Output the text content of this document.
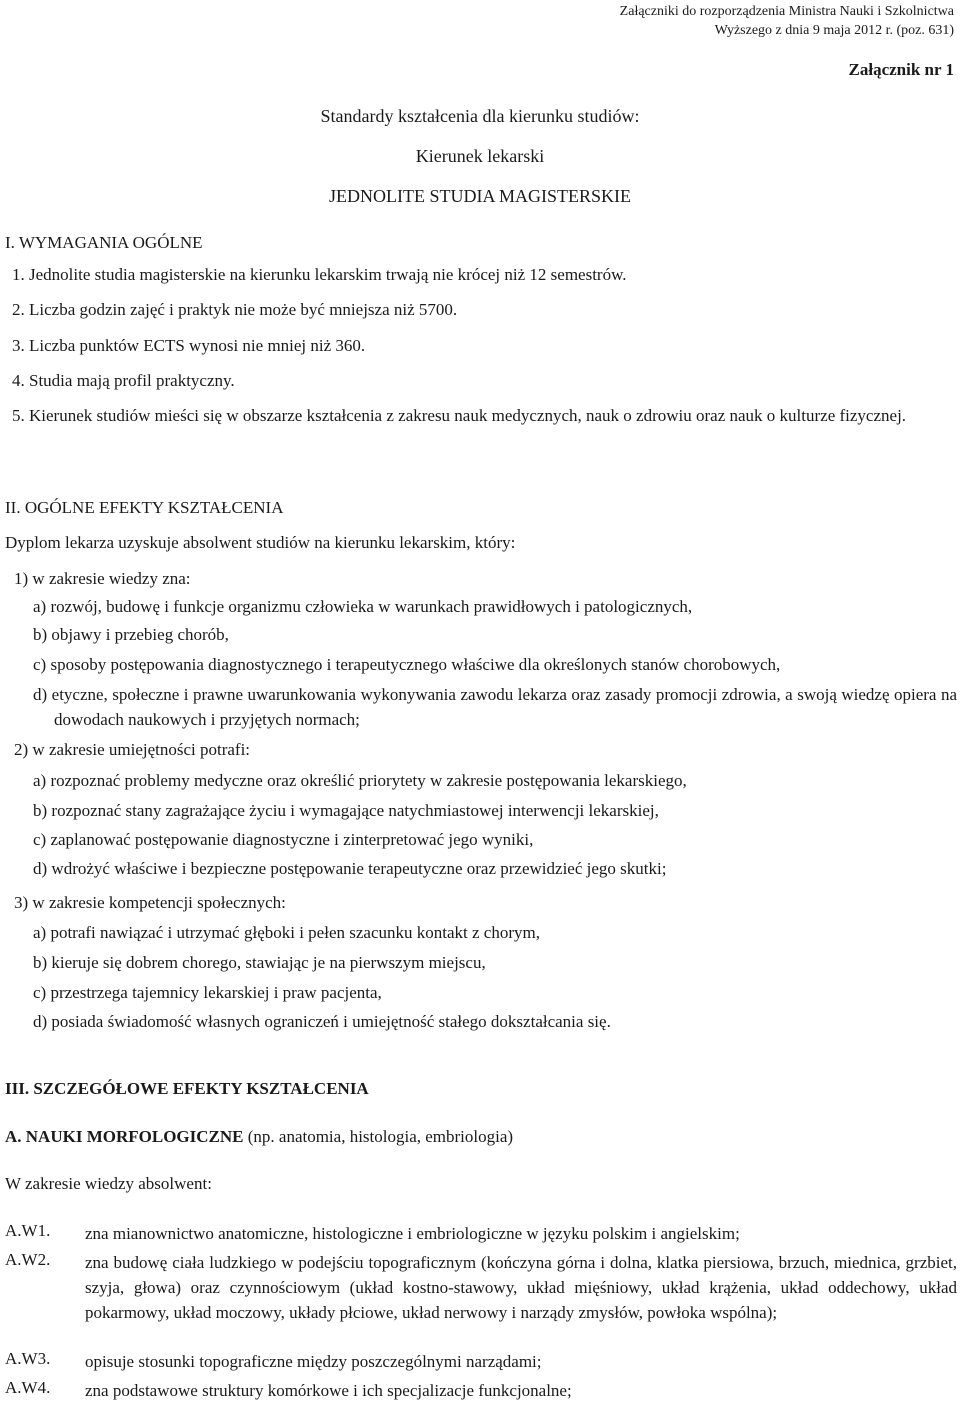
Załączniki do rozporządzenia Ministra Nauki i Szkolnictwa
Wyższego z dnia 9 maja 2012 r. (poz. 631)
Załącznik nr 1
Standardy kształcenia dla kierunku studiów:
Kierunek lekarski
JEDNOLITE STUDIA MAGISTERSKIE
I. WYMAGANIA OGÓLNE
1. Jednolite studia magisterskie na kierunku lekarskim trwają nie krócej niż 12 semestrów.
2. Liczba godzin zajęć i praktyk nie może być mniejsza niż 5700.
3. Liczba punktów ECTS wynosi nie mniej niż 360.
4. Studia mają profil praktyczny.
5. Kierunek studiów mieści się w obszarze kształcenia z zakresu nauk medycznych, nauk o zdrowiu oraz nauk o kulturze fizycznej.
II. OGÓLNE EFEKTY KSZTAŁCENIA
Dyplom lekarza uzyskuje absolwent studiów na kierunku lekarskim, który:
1) w zakresie wiedzy zna:
a) rozwój, budowę i funkcje organizmu człowieka w warunkach prawidłowych i patologicznych,
b) objawy i przebieg chorób,
c) sposoby postępowania diagnostycznego i terapeutycznego właściwe dla określonych stanów chorobowych,
d) etyczne, społeczne i prawne uwarunkowania wykonywania zawodu lekarza oraz zasady promocji zdrowia, a swoją wiedzę opiera na dowodach naukowych i przyjętych normach;
2) w zakresie umiejętności potrafi:
a) rozpoznać problemy medyczne oraz określić priorytety w zakresie postępowania lekarskiego,
b) rozpoznać stany zagrażające życiu i wymagające natychmiastowej interwencji lekarskiej,
c) zaplanować postępowanie diagnostyczne i zinterpretować jego wyniki,
d) wdrożyć właściwe i bezpieczne postępowanie terapeutyczne oraz przewidzieć jego skutki;
3) w zakresie kompetencji społecznych:
a) potrafi nawiązać i utrzymać głęboki i pełen szacunku kontakt z chorym,
b) kieruje się dobrem chorego, stawiając je na pierwszym miejscu,
c) przestrzega tajemnicy lekarskiej i praw pacjenta,
d) posiada świadomość własnych ograniczeń i umiejętność stałego dokształcania się.
III. SZCZEGÓŁOWE EFEKTY KSZTAŁCENIA
A. NAUKI MORFOLOGICZNE (np. anatomia, histologia, embriologia)
W zakresie wiedzy absolwent:
A.W1. zna mianownictwo anatomiczne, histologiczne i embriologiczne w języku polskim i angielskim;
A.W2. zna budowę ciała ludzkiego w podejściu topograficznym (kończyna górna i dolna, klatka piersiowa, brzuch, miednica, grzbiet, szyja, głowa) oraz czynnościowym (układ kostno-stawowy, układ mięśniowy, układ krążenia, układ oddechowy, układ pokarmowy, układ moczowy, układy płciowe, układ nerwowy i narządy zmysłów, powłoka wspólna);
A.W3. opisuje stosunki topograficzne między poszczególnymi narządami;
A.W4. zna podstawowe struktury komórkowe i ich specjalizacje funkcjonalne;
